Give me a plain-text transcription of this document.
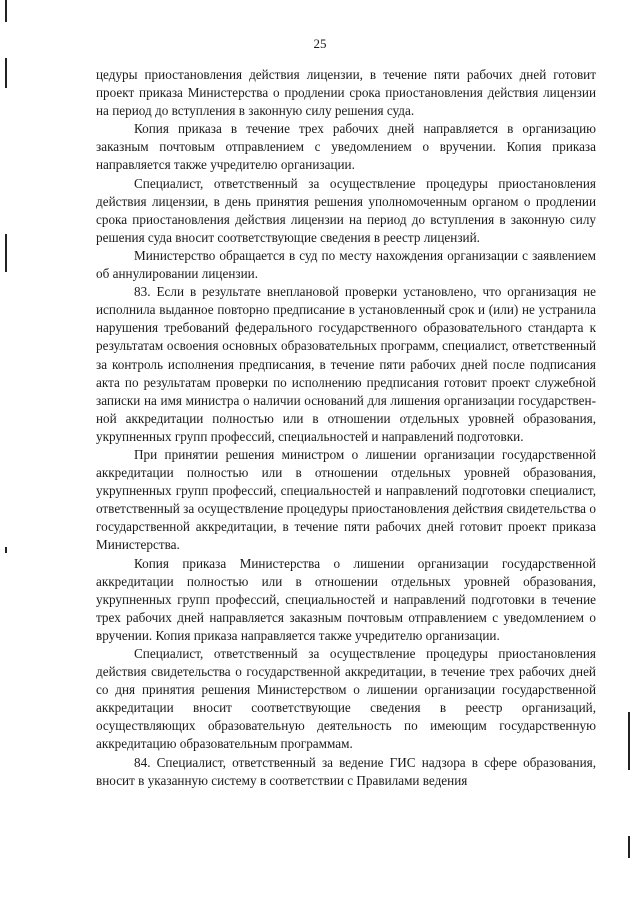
25

цедуры приостановления действия лицензии, в течение пяти рабочих дней готовит проект приказа Министерства о продлении срока приостановления действия лицензии на период до вступления в законную силу решения суда.

Копия приказа в течение трех рабочих дней направляется в организацию заказным почтовым отправлением с уведомлением о вручении. Копия приказа направляется также учредителю организации.

Специалист, ответственный за осуществление процедуры приостановления действия лицензии, в день принятия решения уполномоченным органом о продлении срока приостановления действия лицензии на период до вступления в законную силу решения суда вносит соответствующие сведения в реестр лицензий.

Министерство обращается в суд по месту нахождения организации с заявлением об аннулировании лицензии.

83. Если в результате внеплановой проверки установлено, что организация не исполнила выданное повторно предписание в установленный срок и (или) не устранила нарушения требований федерального государственного образовательного стандарта к результатам освоения основных образовательных программ, специалист, ответственный за контроль исполнения предписания, в течение пяти рабочих дней после подписания акта по результатам проверки по исполнению предписания готовит проект служебной записки на имя министра о наличии оснований для лишения организации государственной аккредитации полностью или в отношении отдельных уровней образования, укрупненных групп профессий, специальностей и направлений подготовки.

При принятии решения министром о лишении организации государственной аккредитации полностью или в отношении отдельных уровней образования, укрупненных групп профессий, специальностей и направлений подготовки специалист, ответственный за осуществление процедуры приостановления действия свидетельства о государственной аккредитации, в течение пяти рабочих дней готовит проект приказа Министерства.

Копия приказа Министерства о лишении организации государственной аккредитации полностью или в отношении отдельных уровней образования, укрупненных групп профессий, специальностей и направлений подготовки в течение трех рабочих дней направляется заказным почтовым отправлением с уведомлением о вручении. Копия приказа направляется также учредителю организации.

Специалист, ответственный за осуществление процедуры приостановления действия свидетельства о государственной аккредитации, в течение трех рабочих дней со дня принятия решения Министерством о лишении организации государственной аккредитации вносит соответствующие сведения в реестр организаций, осуществляющих образовательную деятельность по имеющим государственную аккредитацию образовательным программам.

84. Специалист, ответственный за ведение ГИС надзора в сфере образования, вносит в указанную систему в соответствии с Правилами ведения
